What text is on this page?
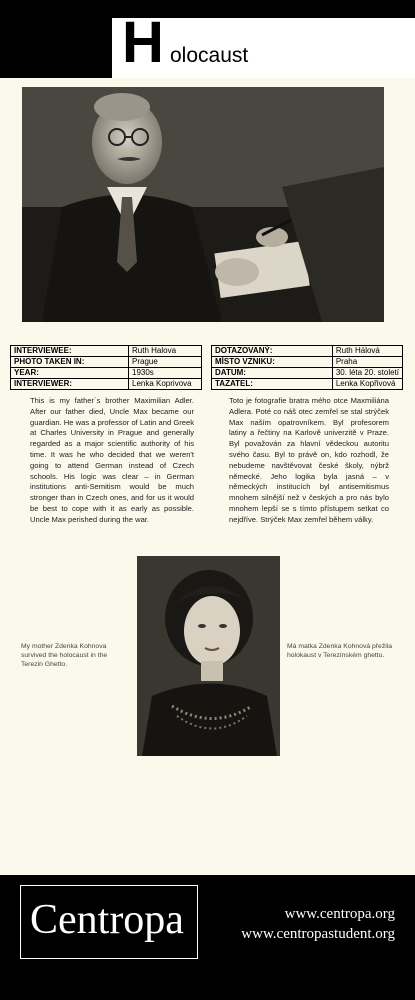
H olocaust
INTERVIEWEE:	Ruth Halova
PHOTO TAKEN IN:	Prague
YEAR:	1930s
INTERVIEWER:	Lenka Koprivova
DOTAZOVANÝ:	Ruth Hálová
MÍSTO VZNIKU:	Praha
DATUM:	30. léta 20. století
TAZATEL:	Lenka Kopřivová

This is my father´s brother Maximilian Adler. After our father died, Uncle Max became our guardian. He was a professor of Latin and Greek at Charles University in Prague and generally regarded as a major scientific authority of his time. It was he who decided that we weren't going to attend German instead of Czech schools. His logic was clear – in German institutions anti-Semitism would be much stronger than in Czech ones, and for us it would be best to cope with it as early as possible. Uncle Max perished during the war.

Toto je fotografie bratra mého otce Maxmiliána Adlera. Poté co náš otec zemřel se stal strýček Max naším opatrovníkem. Byl profesorem latiny a řečtiny na Karlově univerzitě v Praze. Byl považován za hlavní vědeckou autoritu svého času. Byl to právě on, kdo rozhodl, že nebudeme navštěvovat české školy, nýbrž německé. Jeho logika byla jasná – v německých institucích byl antisemitismus mnohem silnější než v českých a pro nás bylo mnohem lepší se s tímto přístupem setkat co nejdříve. Strýček Max zemřel během války.

My mother Zdenka Kohnova survived the holocaust in the Terezin Ghetto.

Má matka Zdenka Kohnová přežila holokaust v Terezínském ghettu.

Centropa	www.centropa.org
www.centropastudent.org
